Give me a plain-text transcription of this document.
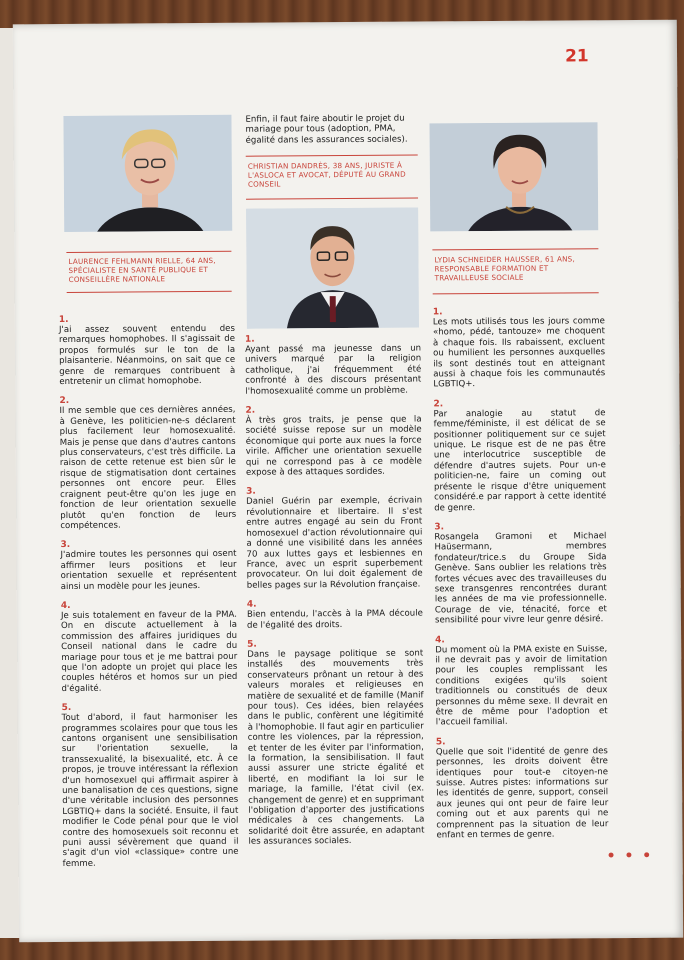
21
LAURENCE FEHLMANN RIELLE, 64 ANS, SPÉCIALISTE EN SANTÉ PUBLIQUE ET CONSEILLÈRE NATIONALE
Enfin, il faut faire aboutir le projet du mariage pour tous (adoption, PMA, égalité dans les assurances sociales).
CHRISTIAN DANDRÈS, 38 ANS, JURISTE À L'ASLOCA ET AVOCAT, DÉPUTÉ AU GRAND CONSEIL
LYDIA SCHNEIDER HAUSSER, 61 ANS, RESPONSABLE FORMATION ET TRAVAILLEUSE SOCIALE

1.
J'ai assez souvent entendu des remarques homophobes. Il s'agissait de propos formulés sur le ton de la plaisanterie. Néanmoins, on sait que ce genre de remarques contribuent à entretenir un climat homophobe.

2.
Il me semble que ces dernières années, à Genève, les politicien-ne-s déclarent plus facilement leur homosexualité. Mais je pense que dans d'autres cantons plus conservateurs, c'est très difficile. La raison de cette retenue est bien sûr le risque de stigmatisation dont certaines personnes ont encore peur. Elles craignent peut-être qu'on les juge en fonction de leur orientation sexuelle plutôt qu'en fonction de leurs compétences.

3.
J'admire toutes les personnes qui osent affirmer leurs positions et leur orientation sexuelle et représentent ainsi un modèle pour les jeunes.

4.
Je suis totalement en faveur de la PMA. On en discute actuellement à la commission des affaires juridiques du Conseil national dans le cadre du mariage pour tous et je me battrai pour que l'on adopte un projet qui place les couples hétéros et homos sur un pied d'égalité.

5.
Tout d'abord, il faut harmoniser les programmes scolaires pour que tous les cantons organisent une sensibilisation sur l'orientation sexuelle, la transsexualité, la bisexualité, etc. À ce propos, je trouve intéressant la réflexion d'un homosexuel qui affirmait aspirer à une banalisation de ces questions, signe d'une véritable inclusion des personnes LGBTIQ+ dans la société. Ensuite, il faut modifier le Code pénal pour que le viol contre des homosexuels soit reconnu et puni aussi sévèrement que quand il s'agit d'un viol «classique» contre une femme.

1.
Ayant passé ma jeunesse dans un univers marqué par la religion catholique, j'ai fréquemment été confronté à des discours présentant l'homosexualité comme un problème.

2.
À très gros traits, je pense que la société suisse repose sur un modèle économique qui porte aux nues la force virile. Afficher une orientation sexuelle qui ne correspond pas à ce modèle expose à des attaques sordides.

3.
Daniel Guérin par exemple, écrivain révolutionnaire et libertaire. Il s'est entre autres engagé au sein du Front homosexuel d'action révolutionnaire qui a donné une visibilité dans les années 70 aux luttes gays et lesbiennes en France, avec un esprit superbement provocateur. On lui doit également de belles pages sur la Révolution française.

4.
Bien entendu, l'accès à la PMA découle de l'égalité des droits.

5.
Dans le paysage politique se sont installés des mouvements très conservateurs prônant un retour à des valeurs morales et religieuses en matière de sexualité et de famille (Manif pour tous). Ces idées, bien relayées dans le public, confèrent une légitimité à l'homophobie. Il faut agir en particulier contre les violences, par la répression, et tenter de les éviter par l'information, la formation, la sensibilisation. Il faut aussi assurer une stricte égalité et liberté, en modifiant la loi sur le mariage, la famille, l'état civil (ex. changement de genre) et en supprimant l'obligation d'apporter des justifications médicales à ces changements. La solidarité doit être assurée, en adaptant les assurances sociales.

1.
Les mots utilisés tous les jours comme «homo, pédé, tantouze» me choquent à chaque fois. Ils rabaissent, excluent ou humilient les personnes auxquelles ils sont destinés tout en atteignant aussi à chaque fois les communautés LGBTIQ+.

2.
Par analogie au statut de femme/féministe, il est délicat de se positionner politiquement sur ce sujet unique. Le risque est de ne pas être une interlocutrice susceptible de défendre d'autres sujets. Pour un-e politicien-ne, faire un coming out présente le risque d'être uniquement considéré.e par rapport à cette identité de genre.

3.
Rosangela Gramoni et Michael Haüsermann, membres fondateur/trice.s du Groupe Sida Genève. Sans oublier les relations très fortes vécues avec des travailleuses du sexe transgenres rencontrées durant les années de ma vie professionnelle. Courage de vie, ténacité, force et sensibilité pour vivre leur genre désiré.

4.
Du moment où la PMA existe en Suisse, il ne devrait pas y avoir de limitation pour les couples remplissant les conditions exigées qu'ils soient traditionnels ou constitués de deux personnes du même sexe. Il devrait en être de même pour l'adoption et l'accueil familial.

5.
Quelle que soit l'identité de genre des personnes, les droits doivent être identiques pour tout-e citoyen-ne suisse. Autres pistes: informations sur les identités de genre, support, conseil aux jeunes qui ont peur de faire leur coming out et aux parents qui ne comprennent pas la situation de leur enfant en termes de genre.

• • •
